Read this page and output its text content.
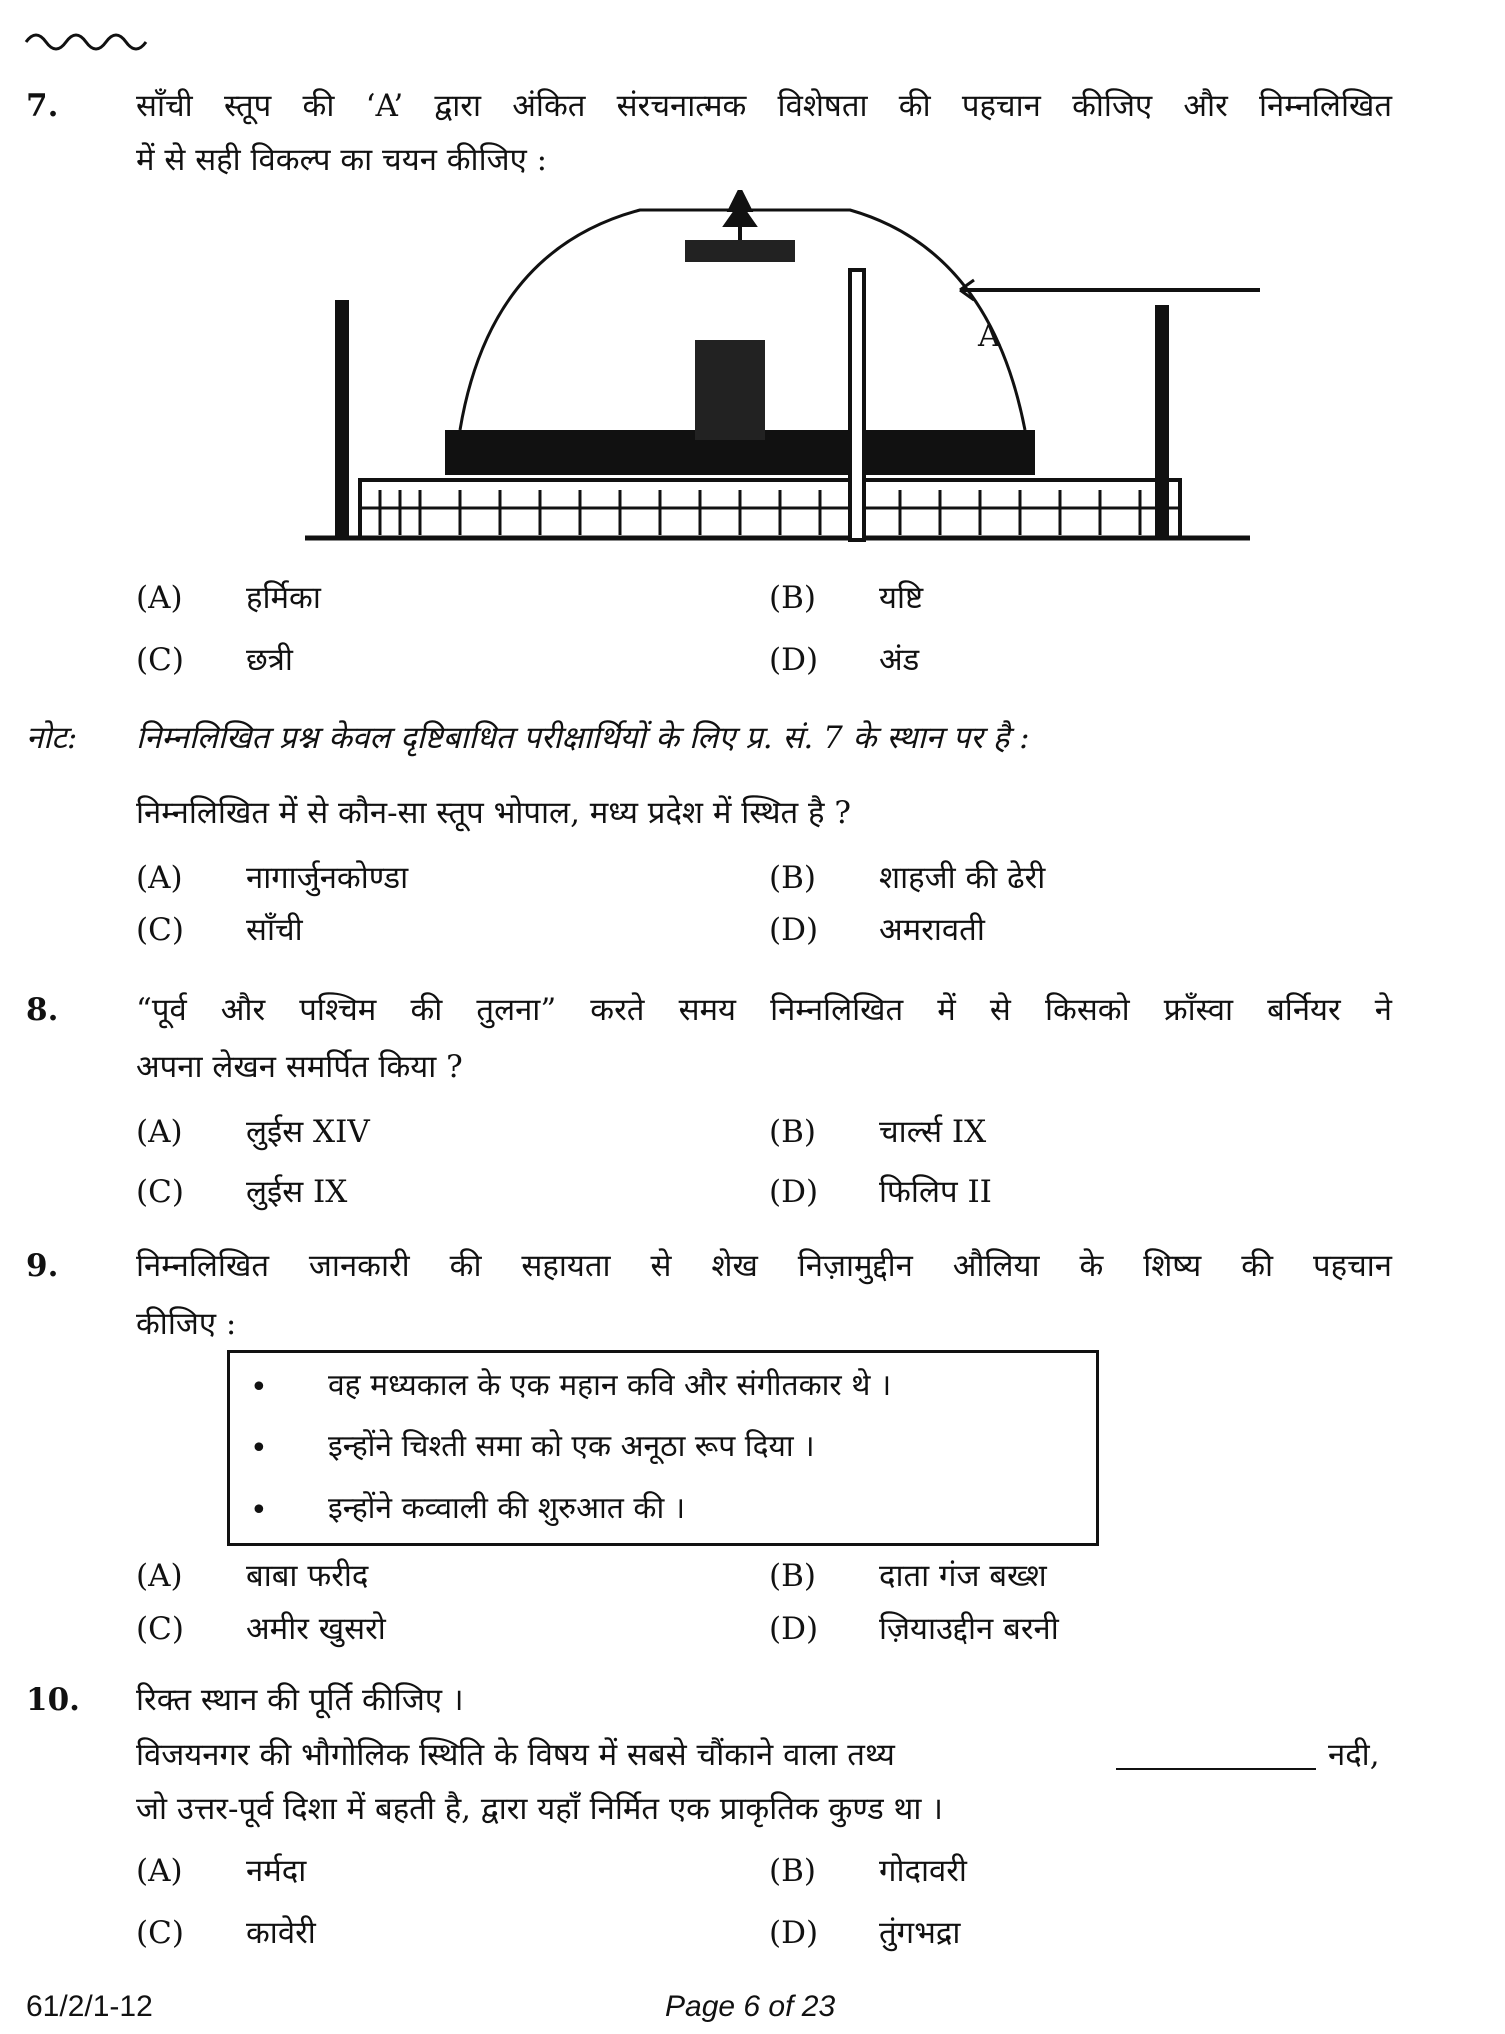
7.	साँची स्तूप की ‘A’ द्वारा अंकित संरचनात्मक विशेषता की पहचान कीजिए और निम्नलिखित
में से सही विकल्प का चयन कीजिए :
A
(A) हर्मिका	(B) यष्टि
(C) छत्री	(D) अंड
नोट: निम्नलिखित प्रश्न केवल दृष्टिबाधित परीक्षार्थियों के लिए प्र. सं. 7 के स्थान पर है :
निम्नलिखित में से कौन-सा स्तूप भोपाल, मध्य प्रदेश में स्थित है ?
(A) नागार्जुनकोण्डा	(B) शाहजी की ढेरी
(C) साँची	(D) अमरावती
8.	“पूर्व और पश्चिम की तुलना” करते समय निम्नलिखित में से किसको फ्राँस्वा बर्नियर ने
अपना लेखन समर्पित किया ?
(A) लुईस XIV	(B) चार्ल्स IX
(C) लुईस IX	(D) फिलिप II
9.	निम्नलिखित जानकारी की सहायता से शेख निज़ामुद्दीन औलिया के शिष्य की पहचान
कीजिए :
• वह मध्यकाल के एक महान कवि और संगीतकार थे ।
• इन्होंने चिश्ती समा को एक अनूठा रूप दिया ।
• इन्होंने कव्वाली की शुरुआत की ।
(A) बाबा फरीद	(B) दाता गंज बख्श
(C) अमीर खुसरो	(D) ज़ियाउद्दीन बरनी
10. रिक्त स्थान की पूर्ति कीजिए ।
विजयनगर की भौगोलिक स्थिति के विषय में सबसे चौंकाने वाला तथ्य	नदी,
जो उत्तर-पूर्व दिशा में बहती है, द्वारा यहाँ निर्मित एक प्राकृतिक कुण्ड था ।
(A) नर्मदा	(B) गोदावरी
(C) कावेरी	(D) तुंगभद्रा
61/2/1-12	Page 6 of 23
